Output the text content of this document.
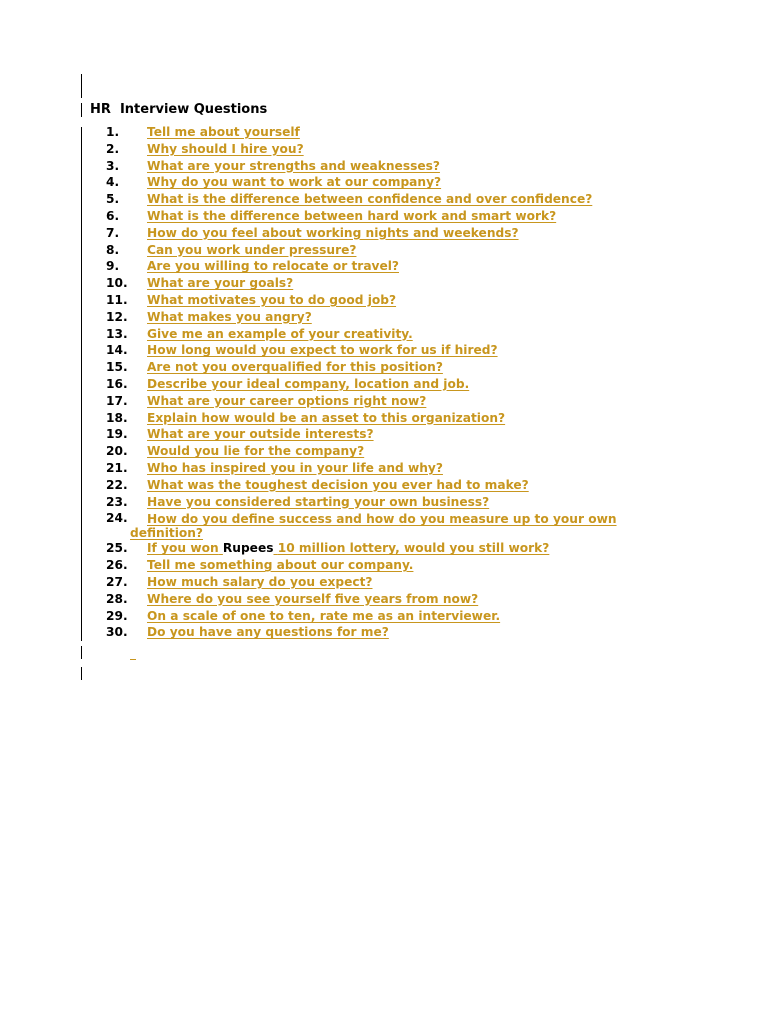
HR  Interview Questions
1. Tell me about yourself
2. Why should I hire you?
3. What are your strengths and weaknesses?
4. Why do you want to work at our company?
5. What is the difference between confidence and over confidence?
6. What is the difference between hard work and smart work?
7. How do you feel about working nights and weekends?
8. Can you work under pressure?
9. Are you willing to relocate or travel?
10. What are your goals?
11. What motivates you to do good job?
12. What makes you angry?
13. Give me an example of your creativity.
14. How long would you expect to work for us if hired?
15. Are not you overqualified for this position?
16. Describe your ideal company, location and job.
17. What are your career options right now?
18. Explain how would be an asset to this organization?
19. What are your outside interests?
20. Would you lie for the company?
21. Who has inspired you in your life and why?
22. What was the toughest decision you ever had to make?
23. Have you considered starting your own business?
24.	How do you define success and how do you measure up to your own definition?
25. If you won Rupees 10 million lottery, would you still work?
26. Tell me something about our company.
27. How much salary do you expect?
28. Where do you see yourself five years from now?
29. On a scale of one to ten, rate me as an interviewer.
30. Do you have any questions for me?
